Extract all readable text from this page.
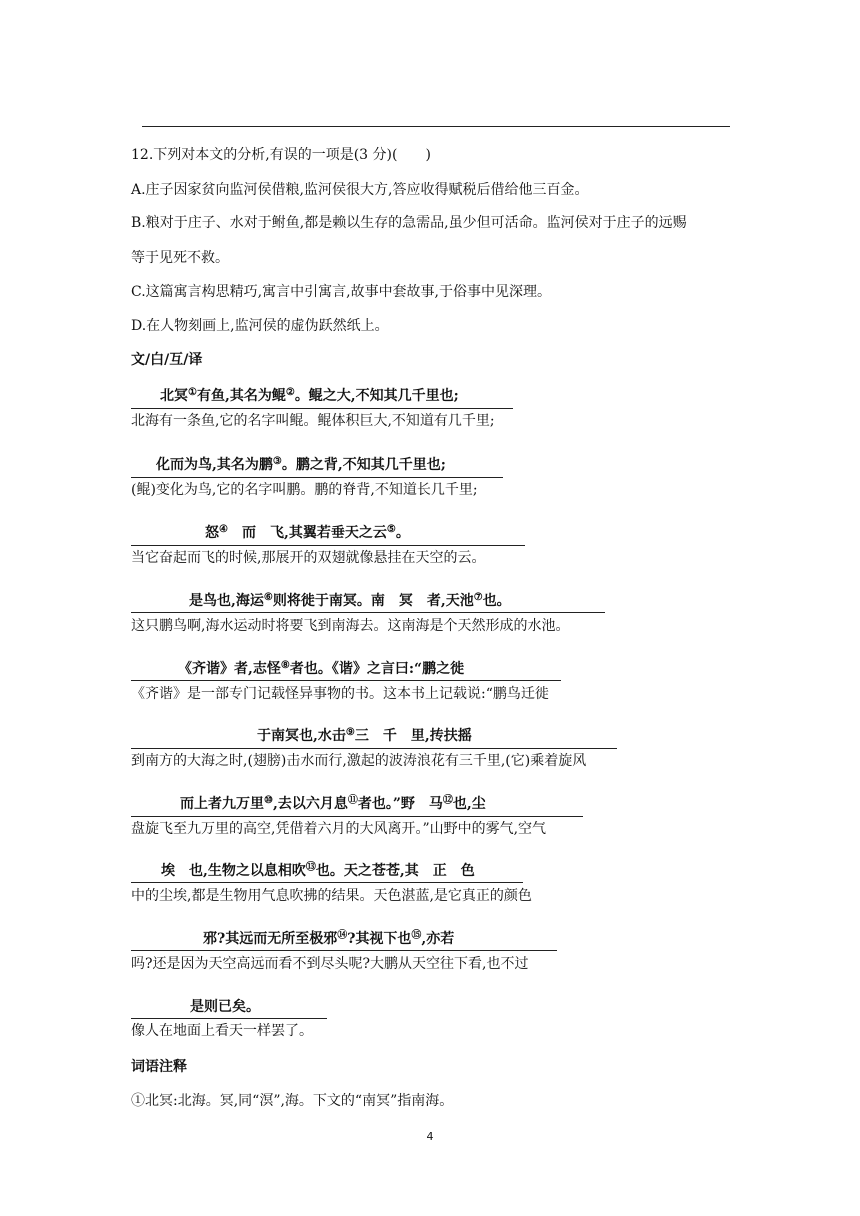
12.下列对本文的分析,有误的一项是(3 分)(　　)
A.庄子因家贫向监河侯借粮,监河侯很大方,答应收得赋税后借给他三百金。
B.粮对于庄子、水对于鲋鱼,都是赖以生存的急需品,虽少但可活命。监河侯对于庄子的远赐
等于见死不救。
C.这篇寓言构思精巧,寓言中引寓言,故事中套故事,于俗事中见深理。
D.在人物刻画上,监河侯的虚伪跃然纸上。
文/白/互/译
北冥①有鱼,其名为鲲②。鲲之大,不知其几千里也;
北海有一条鱼,它的名字叫鲲。鲲体积巨大,不知道有几千里;
化而为鸟,其名为鹏③。鹏之背,不知其几千里也;
(鲲)变化为鸟,它的名字叫鹏。鹏的脊背,不知道长几千里;
怒④　而　飞,其翼若垂天之云⑤。
当它奋起而飞的时候,那展开的双翅就像悬挂在天空的云。
是鸟也,海运⑥则将徙于南冥。南　冥　者,天池⑦也。
这只鹏鸟啊,海水运动时将要飞到南海去。这南海是个天然形成的水池。
《齐谐》者,志怪⑧者也。《谐》之言曰:“鹏之徙
《齐谐》是一部专门记载怪异事物的书。这本书上记载说:“鹏鸟迁徙
于南冥也,水击⑨三　千　里,抟扶摇
到南方的大海之时,(翅膀)击水而行,激起的波涛浪花有三千里,(它)乘着旋风
而上者九万里⑩,去以六月息⑪者也。”野　马⑫也,尘
盘旋飞至九万里的高空,凭借着六月的大风离开。”山野中的雾气,空气
埃　也,生物之以息相吹⑬也。天之苍苍,其　正　色
中的尘埃,都是生物用气息吹拂的结果。天色湛蓝,是它真正的颜色
邪?其远而无所至极邪⑭?其视下也⑮,亦若
吗?还是因为天空高远而看不到尽头呢?大鹏从天空往下看,也不过
是则已矣。
像人在地面上看天一样罢了。
词语注释
①北冥:北海。冥,同“溟”,海。下文的“南冥”指南海。
4
